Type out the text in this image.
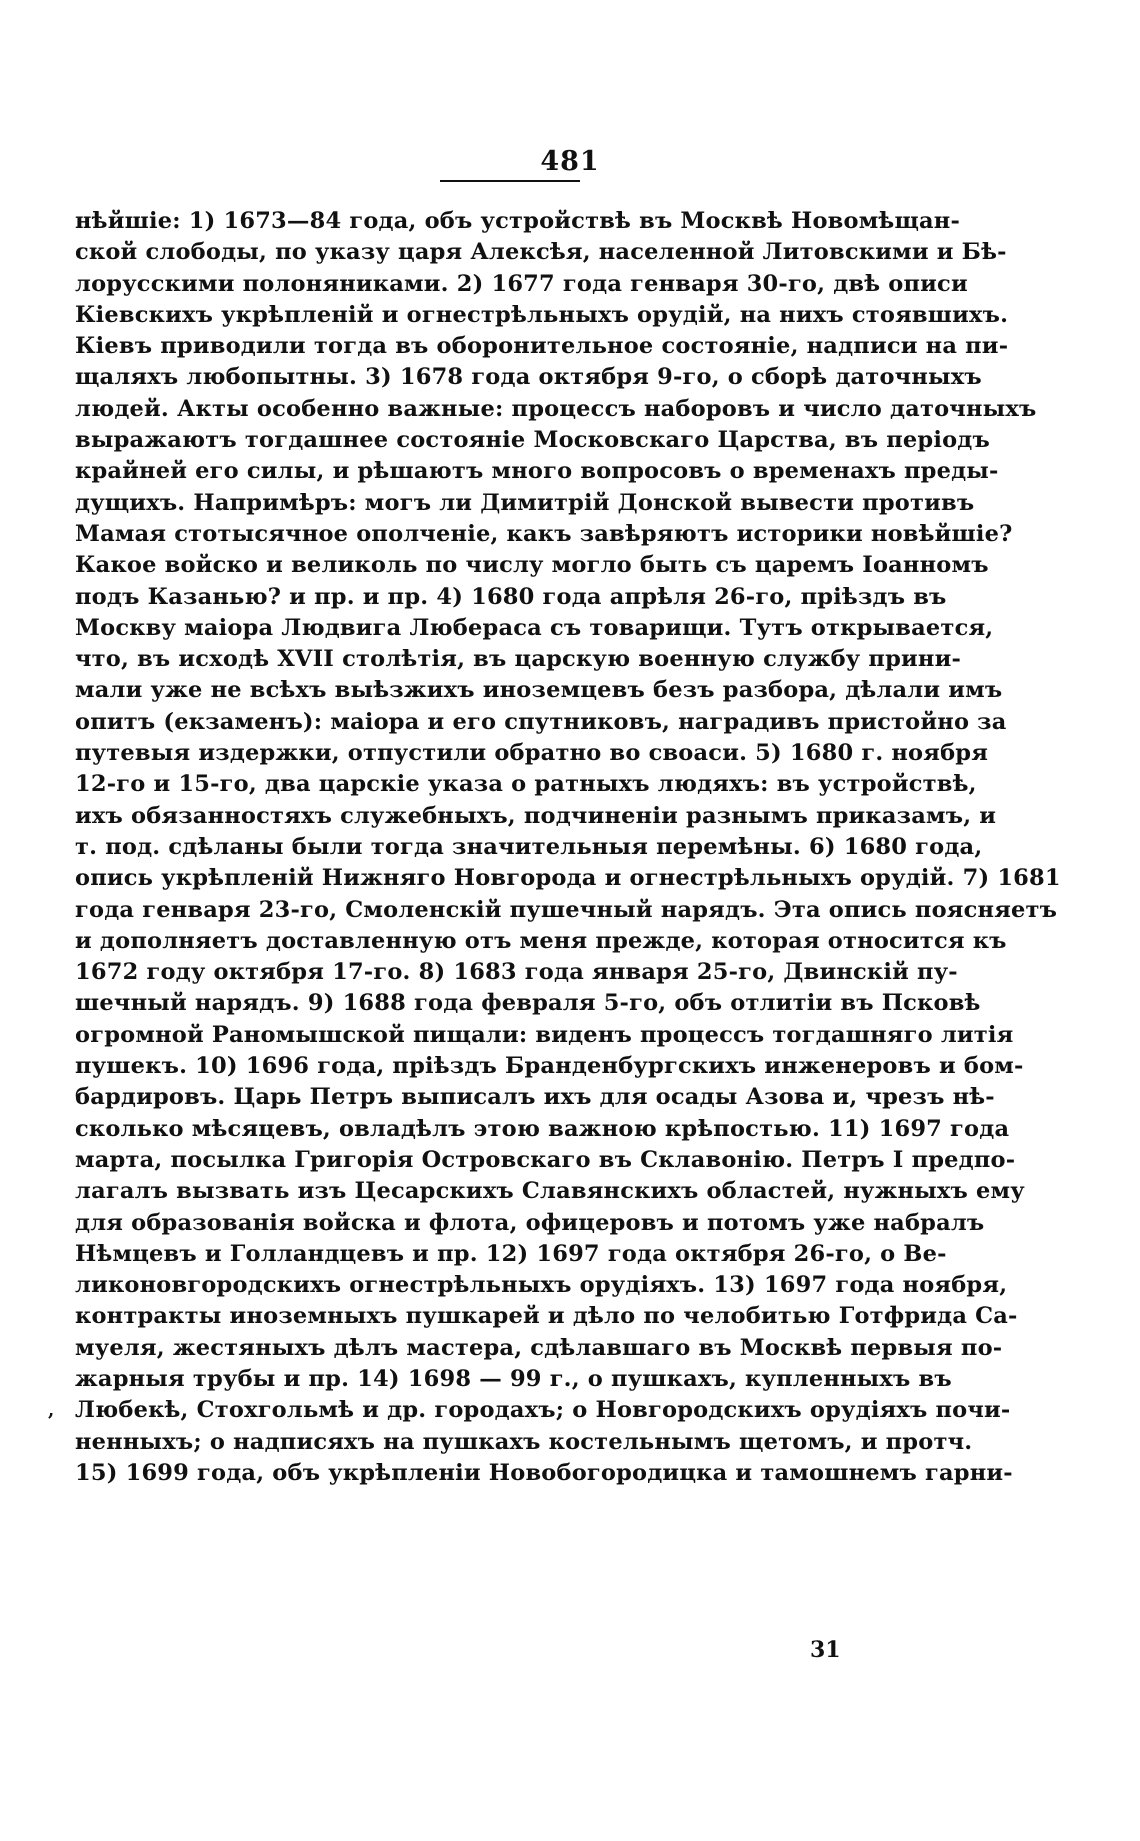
481
,
нѣйшіе: 1) 1673—84 года, объ устройствѣ въ Москвѣ Новомѣщан-
ской слободы, по указу царя Алексѣя, населенной Литовскими и Бѣ-
лорусскими полоняниками. 2) 1677 года генваря 30-го, двѣ описи
Кіевскихъ укрѣпленій и огнестрѣльныхъ орудій, на нихъ стоявшихъ.
Кіевъ приводили тогда въ оборонительное состояніе, надписи на пи-
щаляхъ любопытны. 3) 1678 года октября 9-го, о сборѣ даточныхъ
людей. Акты особенно важные: процессъ наборовъ и число даточныхъ
выражаютъ тогдашнее состояніе Московскаго Царства, въ періодъ
крайней его силы, и рѣшаютъ много вопросовъ о временахъ преды-
дущихъ. Напримѣръ: могъ ли Димитрій Донской вывести противъ
Мамая стотысячное ополченіе, какъ завѣряютъ историки новѣйшіе?
Какое войско и великоль по числу могло быть съ царемъ Іоанномъ
подъ Казанью? и пр. и пр. 4) 1680 года апрѣля 26-го, пріѣздъ въ
Москву маіора Людвига Любераса съ товарищи. Тутъ открывается,
что, въ исходѣ XVII столѣтія, въ царскую военную службу прини-
мали уже не всѣхъ выѣзжихъ иноземцевъ безъ разбора, дѣлали имъ
опитъ (екзаменъ): маіора и его спутниковъ, наградивъ пристойно за
путевыя издержки, отпустили обратно во своаси. 5) 1680 г. ноября
12-го и 15-го, два царскіе указа о ратныхъ людяхъ: въ устройствѣ,
ихъ обязанностяхъ служебныхъ, подчиненіи разнымъ приказамъ, и
т. под. сдѣланы были тогда значительныя перемѣны. 6) 1680 года,
опись укрѣпленій Нижняго Новгорода и огнестрѣльныхъ орудій. 7) 1681
года генваря 23-го, Смоленскій пушечный нарядъ. Эта опись поясняетъ
и дополняетъ доставленную отъ меня прежде, которая относится къ
1672 году октября 17-го. 8) 1683 года января 25-го, Двинскій пу-
шечный нарядъ. 9) 1688 года февраля 5-го, объ отлитіи въ Псковѣ
огромной Раномышской пищали: виденъ процессъ тогдашняго литія
пушекъ. 10) 1696 года, пріѣздъ Бранденбургскихъ инженеровъ и бом-
бардировъ. Царь Петръ выписалъ ихъ для осады Азова и, чрезъ нѣ-
сколько мѣсяцевъ, овладѣлъ этою важною крѣпостью. 11) 1697 года
марта, посылка Григорія Островскаго въ Склавонію. Петръ I предпо-
лагалъ вызвать изъ Цесарскихъ Славянскихъ областей, нужныхъ ему
для образованія войска и флота, офицеровъ и потомъ уже набралъ
Нѣмцевъ и Голландцевъ и пр. 12) 1697 года октября 26-го, о Ве-
ликоновгородскихъ огнестрѣльныхъ орудіяхъ. 13) 1697 года ноября,
контракты иноземныхъ пушкарей и дѣло по челобитью Готфрида Са-
муеля, жестяныхъ дѣлъ мастера, сдѣлавшаго въ Москвѣ первыя по-
жарныя трубы и пр. 14) 1698 — 99 г., о пушкахъ, купленныхъ въ
Любекѣ, Стохгольмѣ и др. городахъ; о Новгородскихъ орудіяхъ почи-
ненныхъ; о надписяхъ на пушкахъ костельнымъ щетомъ, и протч.
15) 1699 года, объ укрѣпленіи Новобогородицка и тамошнемъ гарни-
31
